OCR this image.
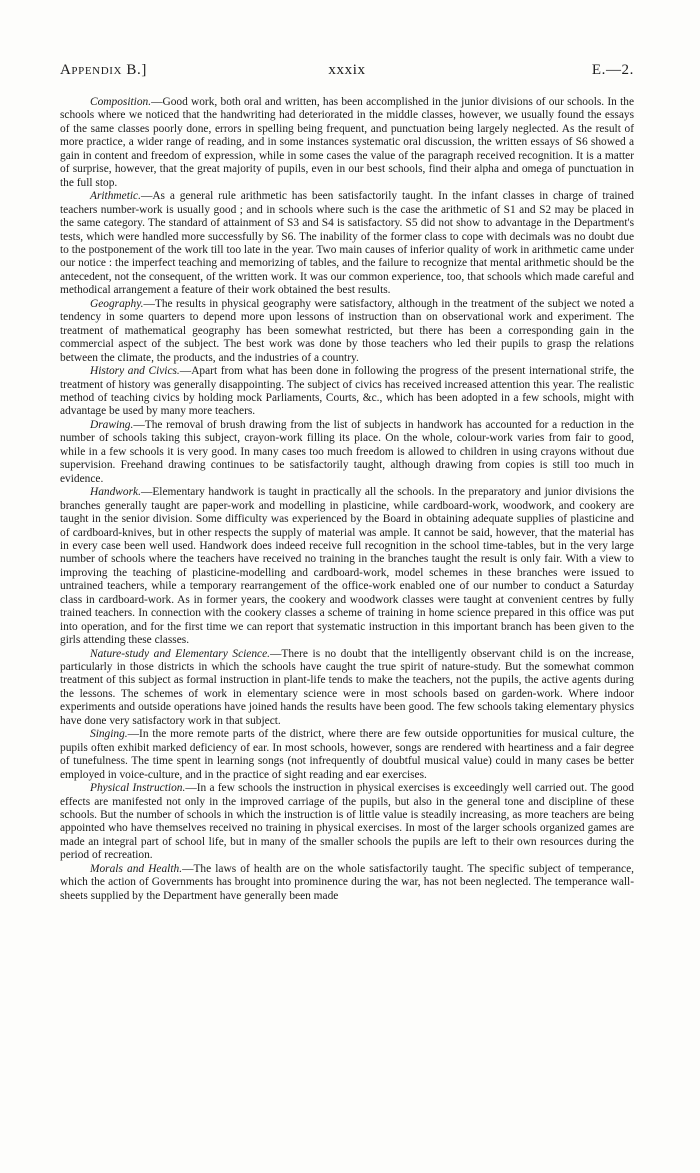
Appendix B.]	xxxix	E.—2.

Composition.—Good work, both oral and written, has been accomplished in the junior divisions of our schools. In the schools where we noticed that the handwriting had deteriorated in the middle classes, however, we usually found the essays of the same classes poorly done, errors in spelling being frequent, and punctuation being largely neglected. As the result of more practice, a wider range of reading, and in some instances systematic oral discussion, the written essays of S6 showed a gain in content and freedom of expression, while in some cases the value of the paragraph received recognition. It is a matter of surprise, however, that the great majority of pupils, even in our best schools, find their alpha and omega of punctuation in the full stop.

Arithmetic.—As a general rule arithmetic has been satisfactorily taught. In the infant classes in charge of trained teachers number-work is usually good ; and in schools where such is the case the arithmetic of S1 and S2 may be placed in the same category. The standard of attainment of S3 and S4 is satisfactory. S5 did not show to advantage in the Department's tests, which were handled more successfully by S6. The inability of the former class to cope with decimals was no doubt due to the postponement of the work till too late in the year. Two main causes of inferior quality of work in arithmetic came under our notice : the imperfect teaching and memorizing of tables, and the failure to recognize that mental arithmetic should be the antecedent, not the consequent, of the written work. It was our common experience, too, that schools which made careful and methodical arrangement a feature of their work obtained the best results.

Geography.—The results in physical geography were satisfactory, although in the treatment of the subject we noted a tendency in some quarters to depend more upon lessons of instruction than on observational work and experiment. The treatment of mathematical geography has been somewhat restricted, but there has been a corresponding gain in the commercial aspect of the subject. The best work was done by those teachers who led their pupils to grasp the relations between the climate, the products, and the industries of a country.

History and Civics.—Apart from what has been done in following the progress of the present international strife, the treatment of history was generally disappointing. The subject of civics has received increased attention this year. The realistic method of teaching civics by holding mock Parliaments, Courts, &c., which has been adopted in a few schools, might with advantage be used by many more teachers.

Drawing.—The removal of brush drawing from the list of subjects in handwork has accounted for a reduction in the number of schools taking this subject, crayon-work filling its place. On the whole, colour-work varies from fair to good, while in a few schools it is very good. In many cases too much freedom is allowed to children in using crayons without due supervision. Freehand drawing continues to be satisfactorily taught, although drawing from copies is still too much in evidence.

Handwork.—Elementary handwork is taught in practically all the schools. In the preparatory and junior divisions the branches generally taught are paper-work and modelling in plasticine, while cardboard-work, woodwork, and cookery are taught in the senior division. Some difficulty was experienced by the Board in obtaining adequate supplies of plasticine and of cardboard-knives, but in other respects the supply of material was ample. It cannot be said, however, that the material has in every case been well used. Handwork does indeed receive full recognition in the school time-tables, but in the very large number of schools where the teachers have received no training in the branches taught the result is only fair. With a view to improving the teaching of plasticine-modelling and cardboard-work, model schemes in these branches were issued to untrained teachers, while a temporary rearrangement of the office-work enabled one of our number to conduct a Saturday class in cardboard-work. As in former years, the cookery and woodwork classes were taught at convenient centres by fully trained teachers. In connection with the cookery classes a scheme of training in home science prepared in this office was put into operation, and for the first time we can report that systematic instruction in this important branch has been given to the girls attending these classes.

Nature-study and Elementary Science.—There is no doubt that the intelligently observant child is on the increase, particularly in those districts in which the schools have caught the true spirit of nature-study. But the somewhat common treatment of this subject as formal instruction in plant-life tends to make the teachers, not the pupils, the active agents during the lessons. The schemes of work in elementary science were in most schools based on garden-work. Where indoor experiments and outside operations have joined hands the results have been good. The few schools taking elementary physics have done very satisfactory work in that subject.

Singing.—In the more remote parts of the district, where there are few outside opportunities for musical culture, the pupils often exhibit marked deficiency of ear. In most schools, however, songs are rendered with heartiness and a fair degree of tunefulness. The time spent in learning songs (not infrequently of doubtful musical value) could in many cases be better employed in voice-culture, and in the practice of sight reading and ear exercises.

Physical Instruction.—In a few schools the instruction in physical exercises is exceedingly well carried out. The good effects are manifested not only in the improved carriage of the pupils, but also in the general tone and discipline of these schools. But the number of schools in which the instruction is of little value is steadily increasing, as more teachers are being appointed who have themselves received no training in physical exercises. In most of the larger schools organized games are made an integral part of school life, but in many of the smaller schools the pupils are left to their own resources during the period of recreation.

Morals and Health.—The laws of health are on the whole satisfactorily taught. The specific subject of temperance, which the action of Governments has brought into prominence during the war, has not been neglected. The temperance wall-sheets supplied by the Department have generally been made
